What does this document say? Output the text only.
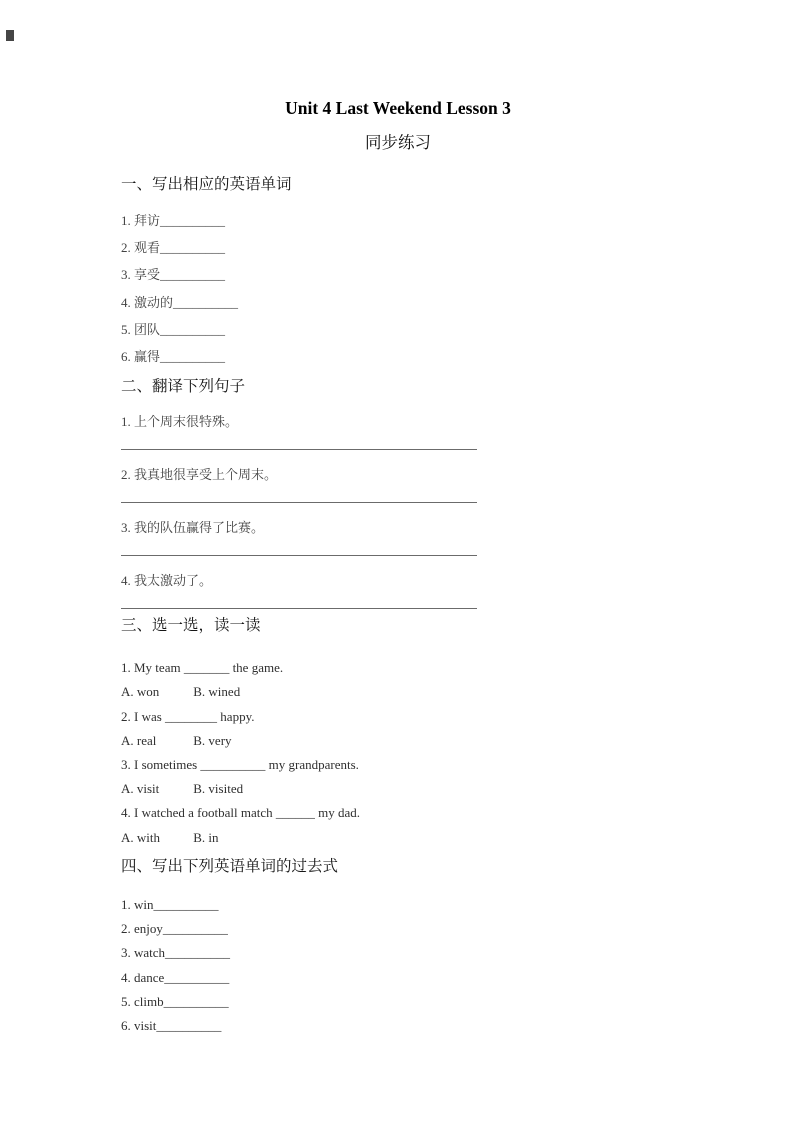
Unit 4 Last Weekend Lesson 3
同步练习
一、写出相应的英语单词
1. 拜访__________
2. 观看__________
3. 享受__________
4. 激动的__________
5. 团队__________
6. 赢得__________
二、翻译下列句子
1. 上个周末很特殊。
2. 我真地很享受上个周末。
3. 我的队伍赢得了比赛。
4. 我太激动了。
三、选一选，读一读
1. My team _______ the game.
A. won	B. wined
2. I was ________ happy.
A. real	B. very
3. I sometimes __________ my grandparents.
A. visit	B. visited
4. I watched a football match ______ my dad.
A. with	B. in
四、写出下列英语单词的过去式
1. win__________
2. enjoy__________
3. watch__________
4. dance__________
5. climb__________
6. visit__________
